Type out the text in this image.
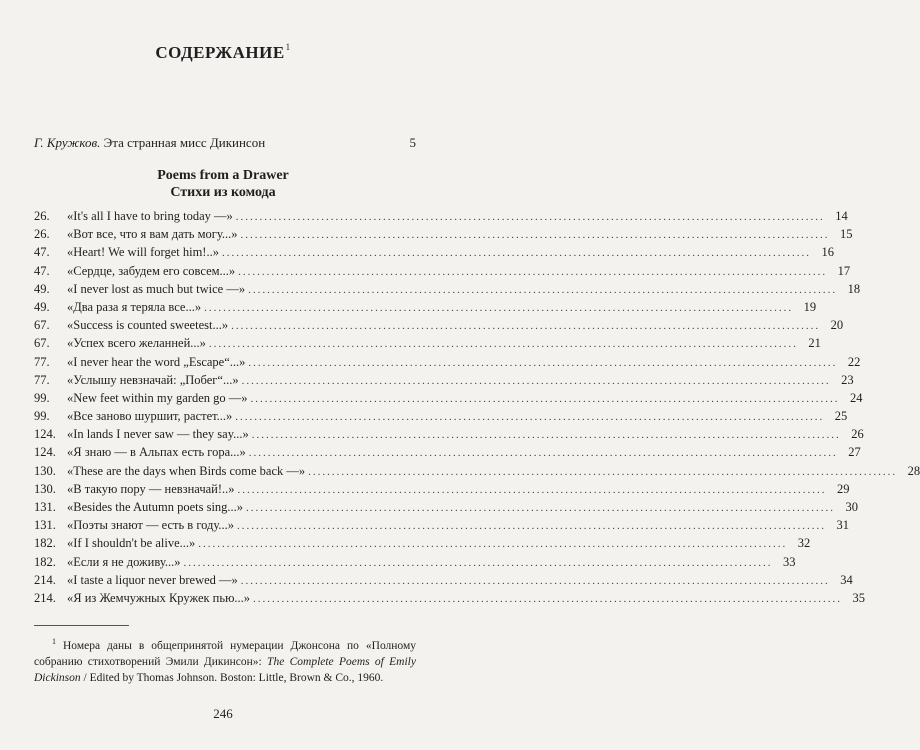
СОДЕРЖАНИЕ$^1$
Г. Кружков. Эта странная мисс Дикинсон	5
Poems from a Drawer
Стихи из комода
26.	«It's all I have to bring today —» .....	14
26.	«Вот все, что я вам дать могу...» .....	15
47.	«Heart! We will forget him!..» .....	16
47.	«Сердце, забудем его совсем...» .....	17
49.	«I never lost as much but twice —» .....	18
49.	«Два раза я теряла все...» .....	19
67.	«Success is counted sweetest...» .....	20
67.	«Успех всего желанней...» .....	21
77.	«I never hear the word „Escape“...» .....	22
77.	«Услышу невзначай: „Побег“...» .....	23
99.	«New feet within my garden go —» .....	24
99.	«Все заново шуршит, растет...» .....	25
124. «In lands I never saw — they say...» .....	26
124. «Я знаю — в Альпах есть гора...» .....	27
130. «These are the days when Birds come back —» .....	28
130. «В такую пору — невзначай!..» .....	29
131. «Besides the Autumn poets sing...» .....	30
131. «Поэты знают — есть в году...» .....	31
182. «If I shouldn't be alive...» .....	32
182. «Если я не доживу...» .....	33
214. «I taste a liquor never brewed —» .....	34
214. «Я из Жемчужных Кружек пью...» .....	35
$^1$ Номера даны в общепринятой нумерации Джонсона по «Полному собранию стихотворений Эмили Дикинсон»: The Complete Poems of Emily Dickinson / Edited by Thomas Johnson. Boston: Little, Brown & Co., 1960.
246
